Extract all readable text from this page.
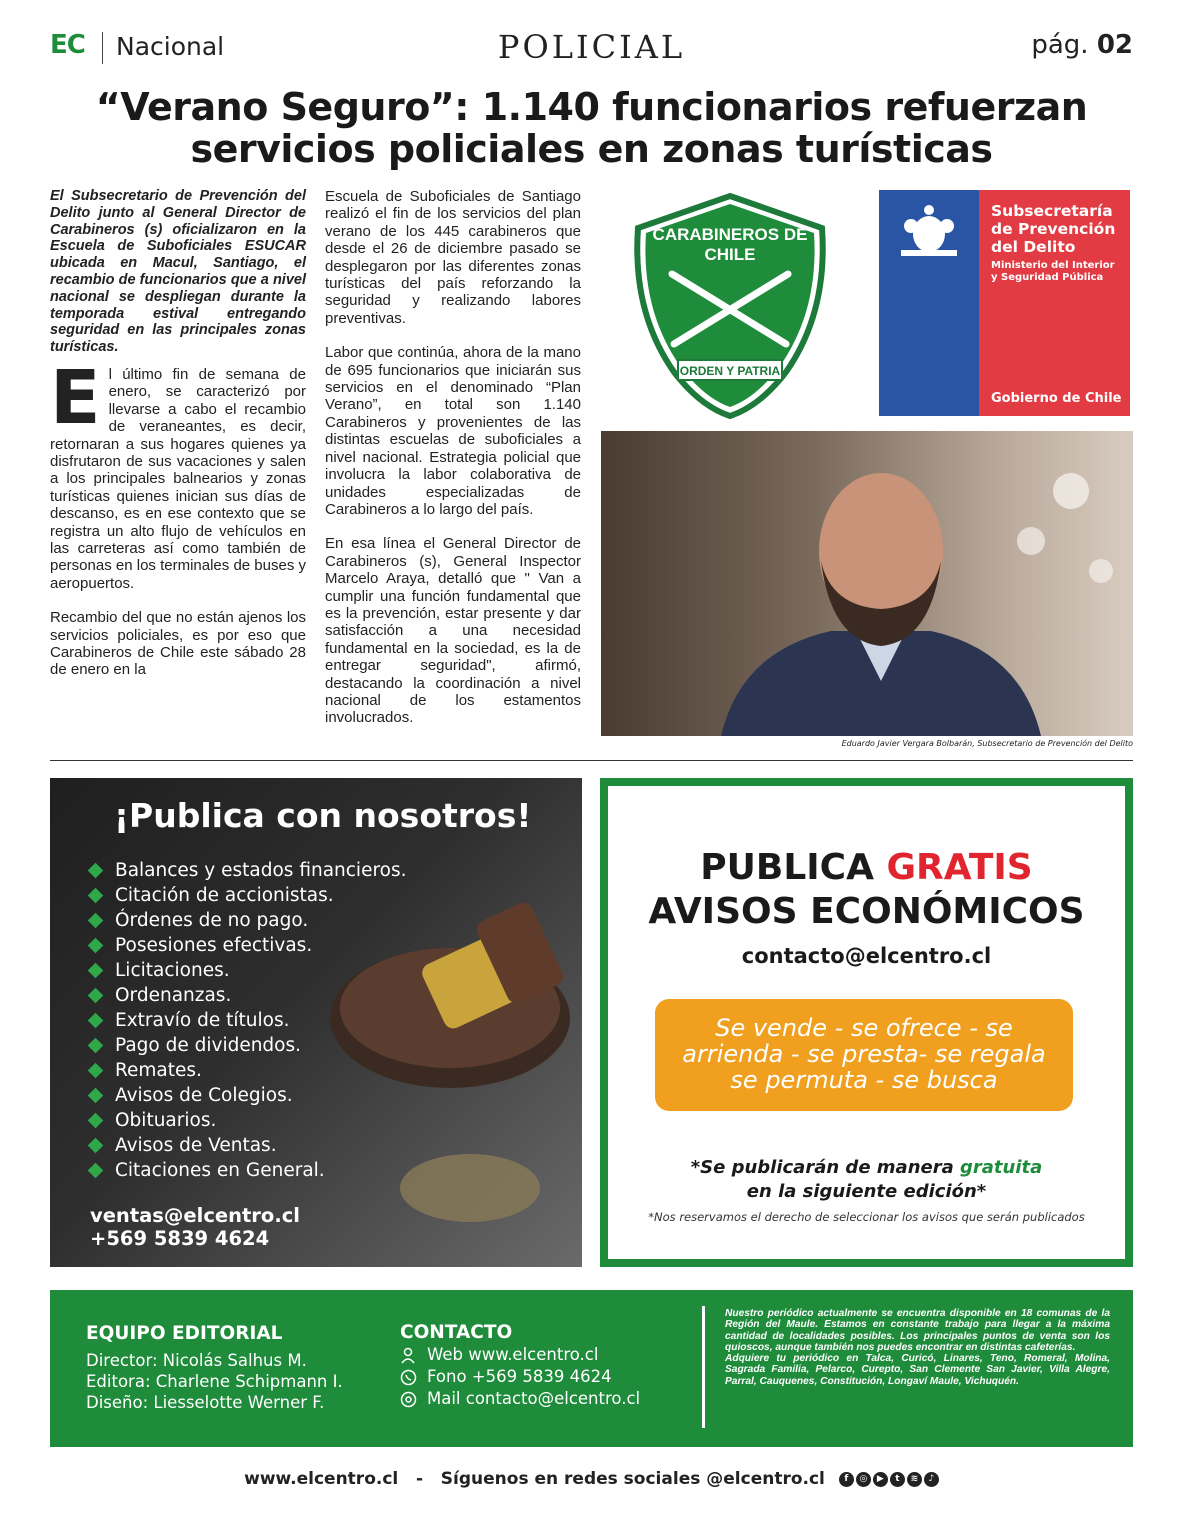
EC Nacional	POLICIAL	pág. 02
“Verano Seguro”: 1.140 funcionarios refuerzan
servicios policiales en zonas turísticas
El Subsecretario de Prevención del Delito junto al General Director de Carabineros (s) oficializaron en la Escuela de Suboficiales ESUCAR ubicada en Macul, Santiago, el recambio de funcionarios que a nivel nacional se despliegan durante la temporada estival entregando seguridad en las principales zonas turísticas.

El último fin de semana de enero, se caracterizó por llevarse a cabo el recambio de veraneantes, es decir, retornaran a sus hogares quienes ya disfrutaron de sus vacaciones y salen a los principales balnearios y zonas turísticas quienes inician sus días de descanso, es en ese contexto que se registra un alto flujo de vehículos en las carreteras así como también de personas en los terminales de buses y aeropuertos.

Recambio del que no están ajenos los servicios policiales, es por eso que Carabineros de Chile este sábado 28 de enero en la

Escuela de Suboficiales de Santiago realizó el fin de los servicios del plan verano de los 445 carabineros que desde el 26 de diciembre pasado se desplegaron por las diferentes zonas turísticas del país reforzando la seguridad y realizando labores preventivas.

Labor que continúa, ahora de la mano de 695 funcionarios que iniciarán sus servicios en el denominado “Plan Verano”, en total son 1.140 Carabineros y provenientes de las distintas escuelas de suboficiales a nivel nacional. Estrategia policial que involucra la labor colaborativa de unidades especializadas de Carabineros a lo largo del país.

En esa línea el General Director de Carabineros (s), General Inspector Marcelo Araya, detalló que " Van a cumplir una función fundamental que es la prevención, estar presente y dar satisfacción a una necesidad fundamental en la sociedad, es la de entregar seguridad", afirmó, destacando la coordinación a nivel nacional de los estamentos involucrados.

CARABINEROS DE
CHILE
ORDEN Y PATRIA
Subsecretaría
de Prevención
del Delito
Ministerio del Interior
y Seguridad Pública
Gobierno de Chile
Eduardo Javier Vergara Bolbarán, Subsecretario de Prevención del Delito
¡Publica con nosotros!
Balances y estados financieros.
Citación de accionistas.
Órdenes de no pago.
Posesiones efectivas.
Licitaciones.
Ordenanzas.
Extravío de títulos.
Pago de dividendos.
Remates.
Avisos de Colegios.
Obituarios.
Avisos de Ventas.
Citaciones en General.
ventas@elcentro.cl
+569 5839 4624
PUBLICA GRATIS
AVISOS ECONÓMICOS
contacto@elcentro.cl
Se vende - se ofrece - se
arrienda - se presta- se regala
se permuta - se busca
*Se publicarán de manera gratuita
en la siguiente edición*
*Nos reservamos el derecho de seleccionar los avisos que serán publicados
EQUIPO EDITORIAL
Director: Nicolás Salhus M.
Editora: Charlene Schipmann I.
Diseño: Liesselotte Werner F.
CONTACTO
Web www.elcentro.cl
Fono +569 5839 4624
Mail contacto@elcentro.cl
Nuestro periódico actualmente se encuentra disponible en 18 comunas de la Región del Maule. Estamos en constante trabajo para llegar a la máxima cantidad de localidades posibles. Los principales puntos de venta son los quioscos, aunque también nos puedes encontrar en distintas cafeterías.
Adquiere tu periódico en Talca, Curicó, Linares, Teno, Romeral, Molina, Sagrada Familia, Pelarco, Curepto, San Clemente San Javier, Villa Alegre, Parral, Cauquenes, Constitución, Longaví Maule, Vichuquén.
www.elcentro.cl   -   Síguenos en redes sociales @elcentro.cl	f	◎	▶	t	≋	♪
